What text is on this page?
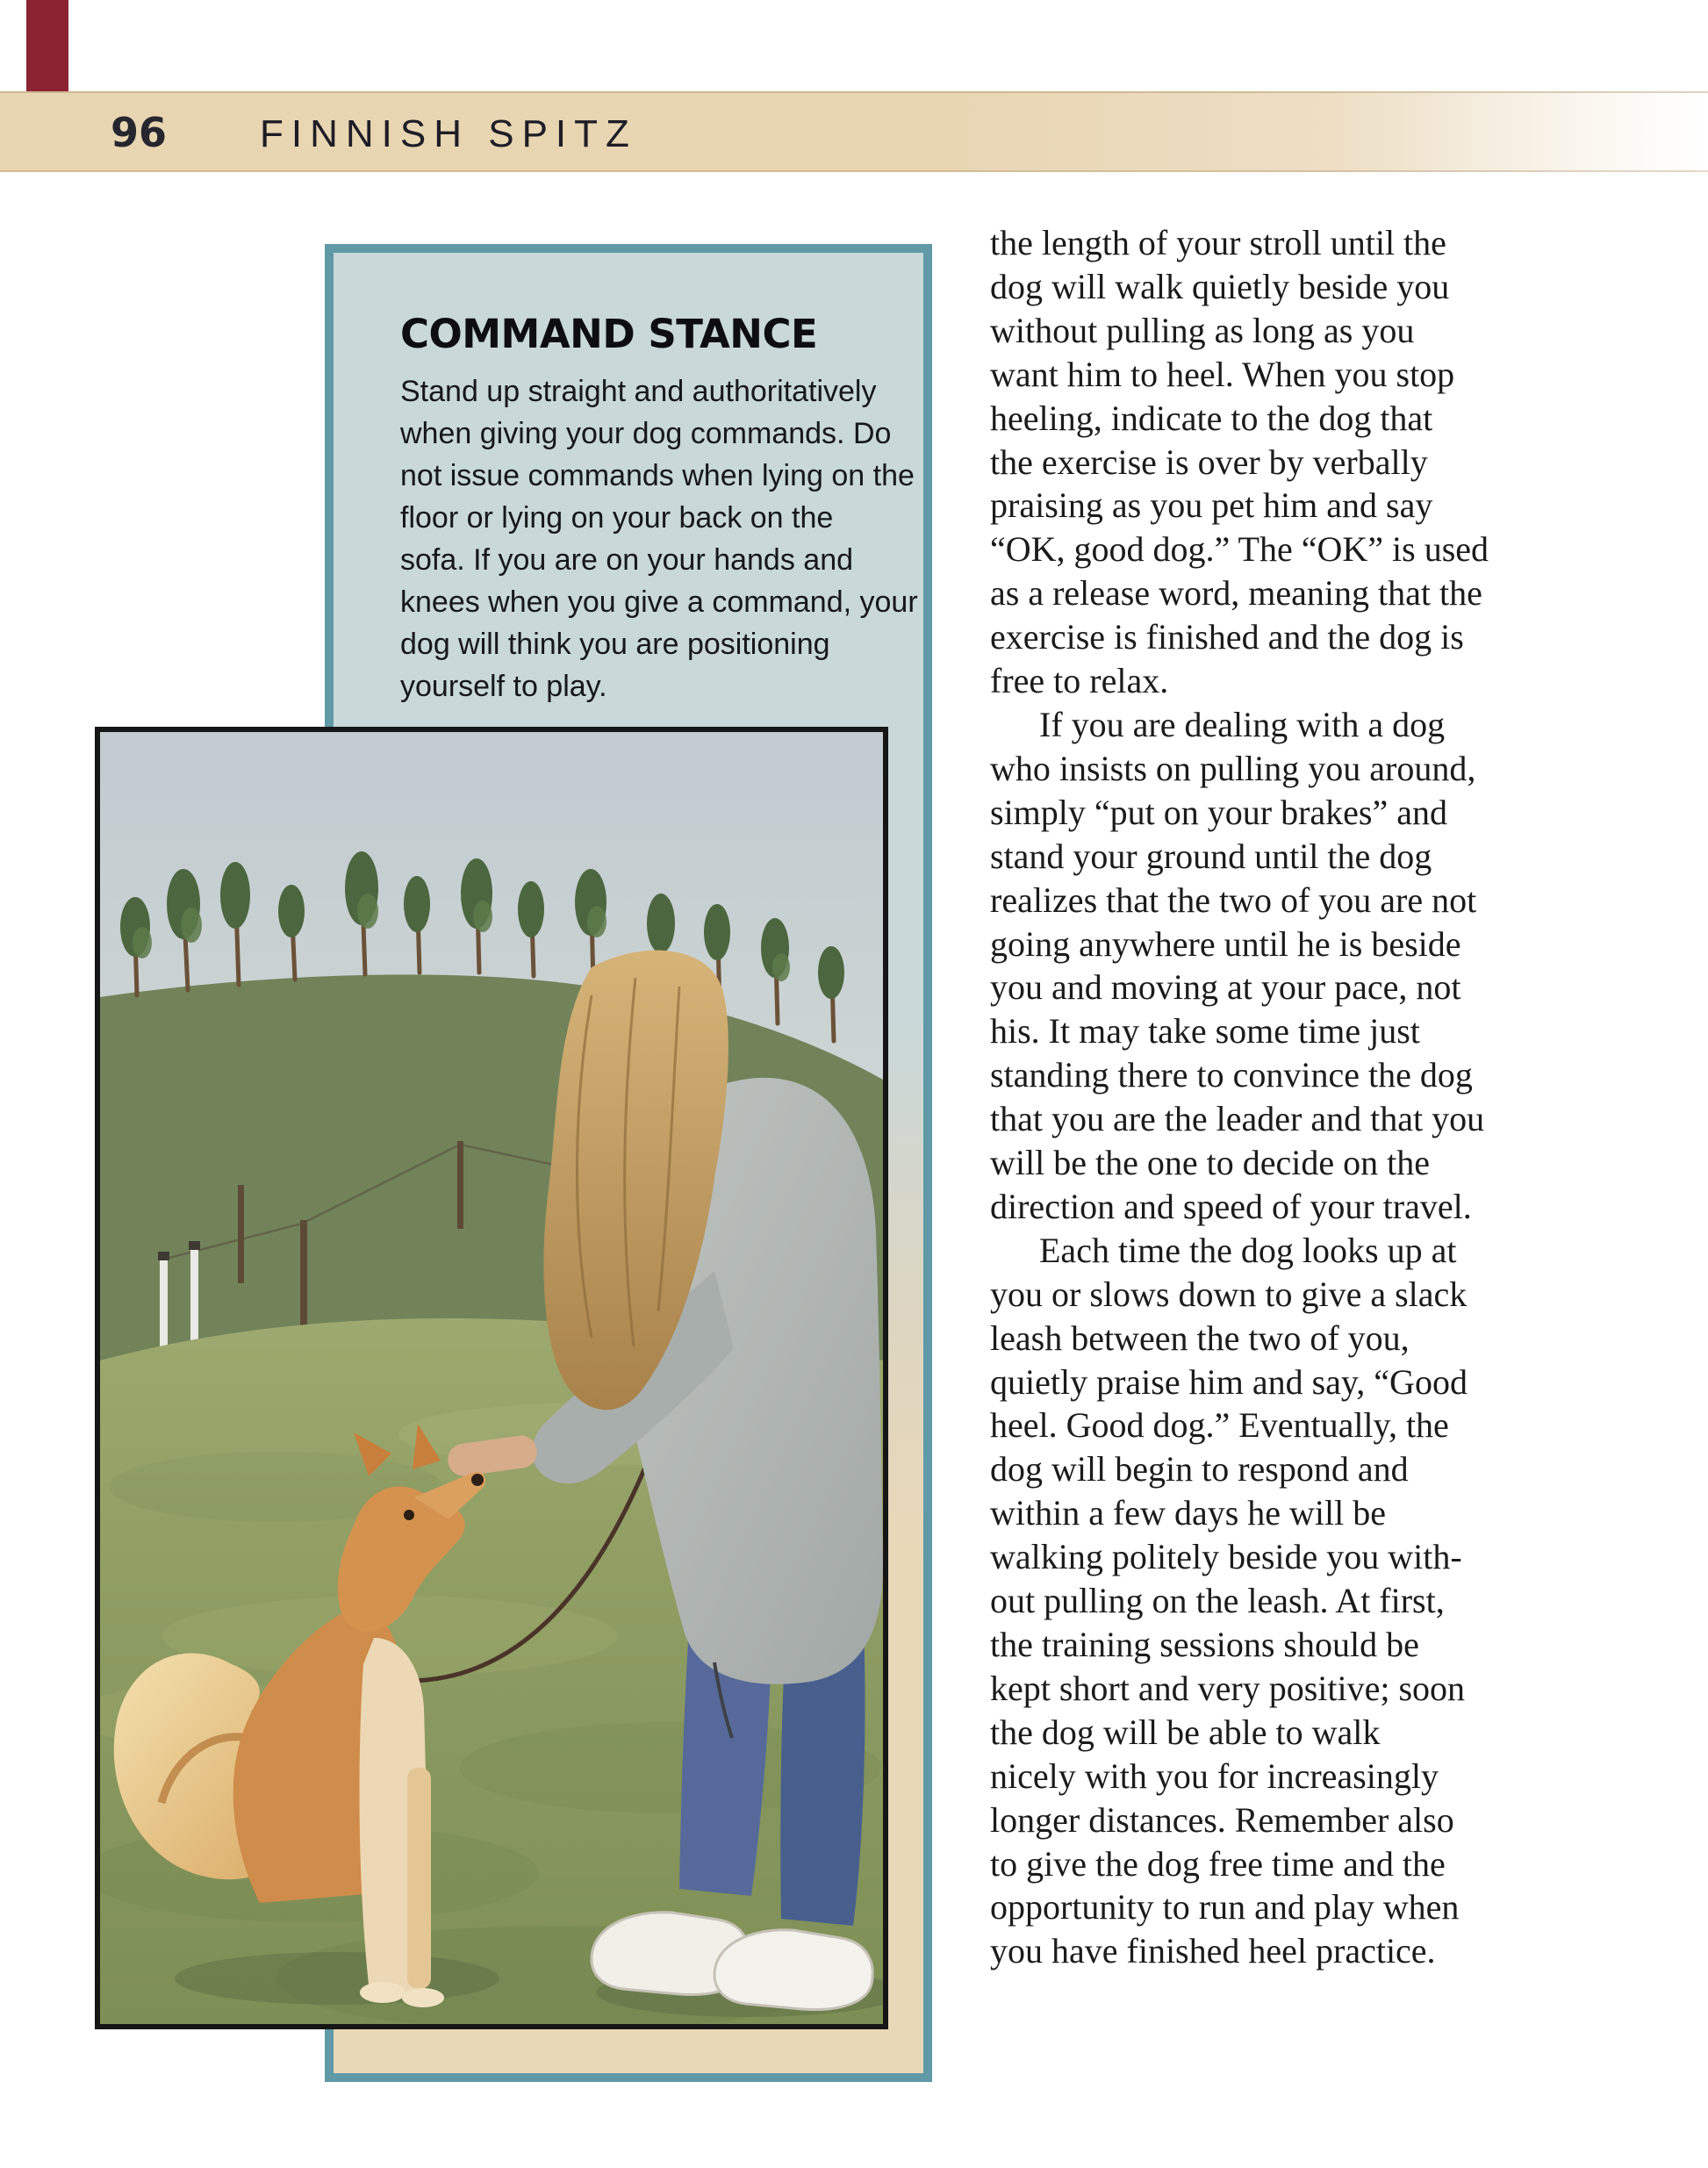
96 FINNISH SPITZ
COMMAND STANCE
Stand up straight and authoritatively
when giving your dog commands. Do
not issue commands when lying on the
floor or lying on your back on the
sofa. If you are on your hands and
knees when you give a command, your
dog will think you are positioning
yourself to play.
the length of your stroll until the
dog will walk quietly beside you
without pulling as long as you
want him to heel. When you stop
heeling, indicate to the dog that
the exercise is over by verbally
praising as you pet him and say
“OK, good dog.” The “OK” is used
as a release word, meaning that the
exercise is finished and the dog is
free to relax.
If you are dealing with a dog
who insists on pulling you around,
simply “put on your brakes” and
stand your ground until the dog
realizes that the two of you are not
going anywhere until he is beside
you and moving at your pace, not
his. It may take some time just
standing there to convince the dog
that you are the leader and that you
will be the one to decide on the
direction and speed of your travel.
Each time the dog looks up at
you or slows down to give a slack
leash between the two of you,
quietly praise him and say, “Good
heel. Good dog.” Eventually, the
dog will begin to respond and
within a few days he will be
walking politely beside you with-
out pulling on the leash. At first,
the training sessions should be
kept short and very positive; soon
the dog will be able to walk
nicely with you for increasingly
longer distances. Remember also
to give the dog free time and the
opportunity to run and play when
you have finished heel practice.
